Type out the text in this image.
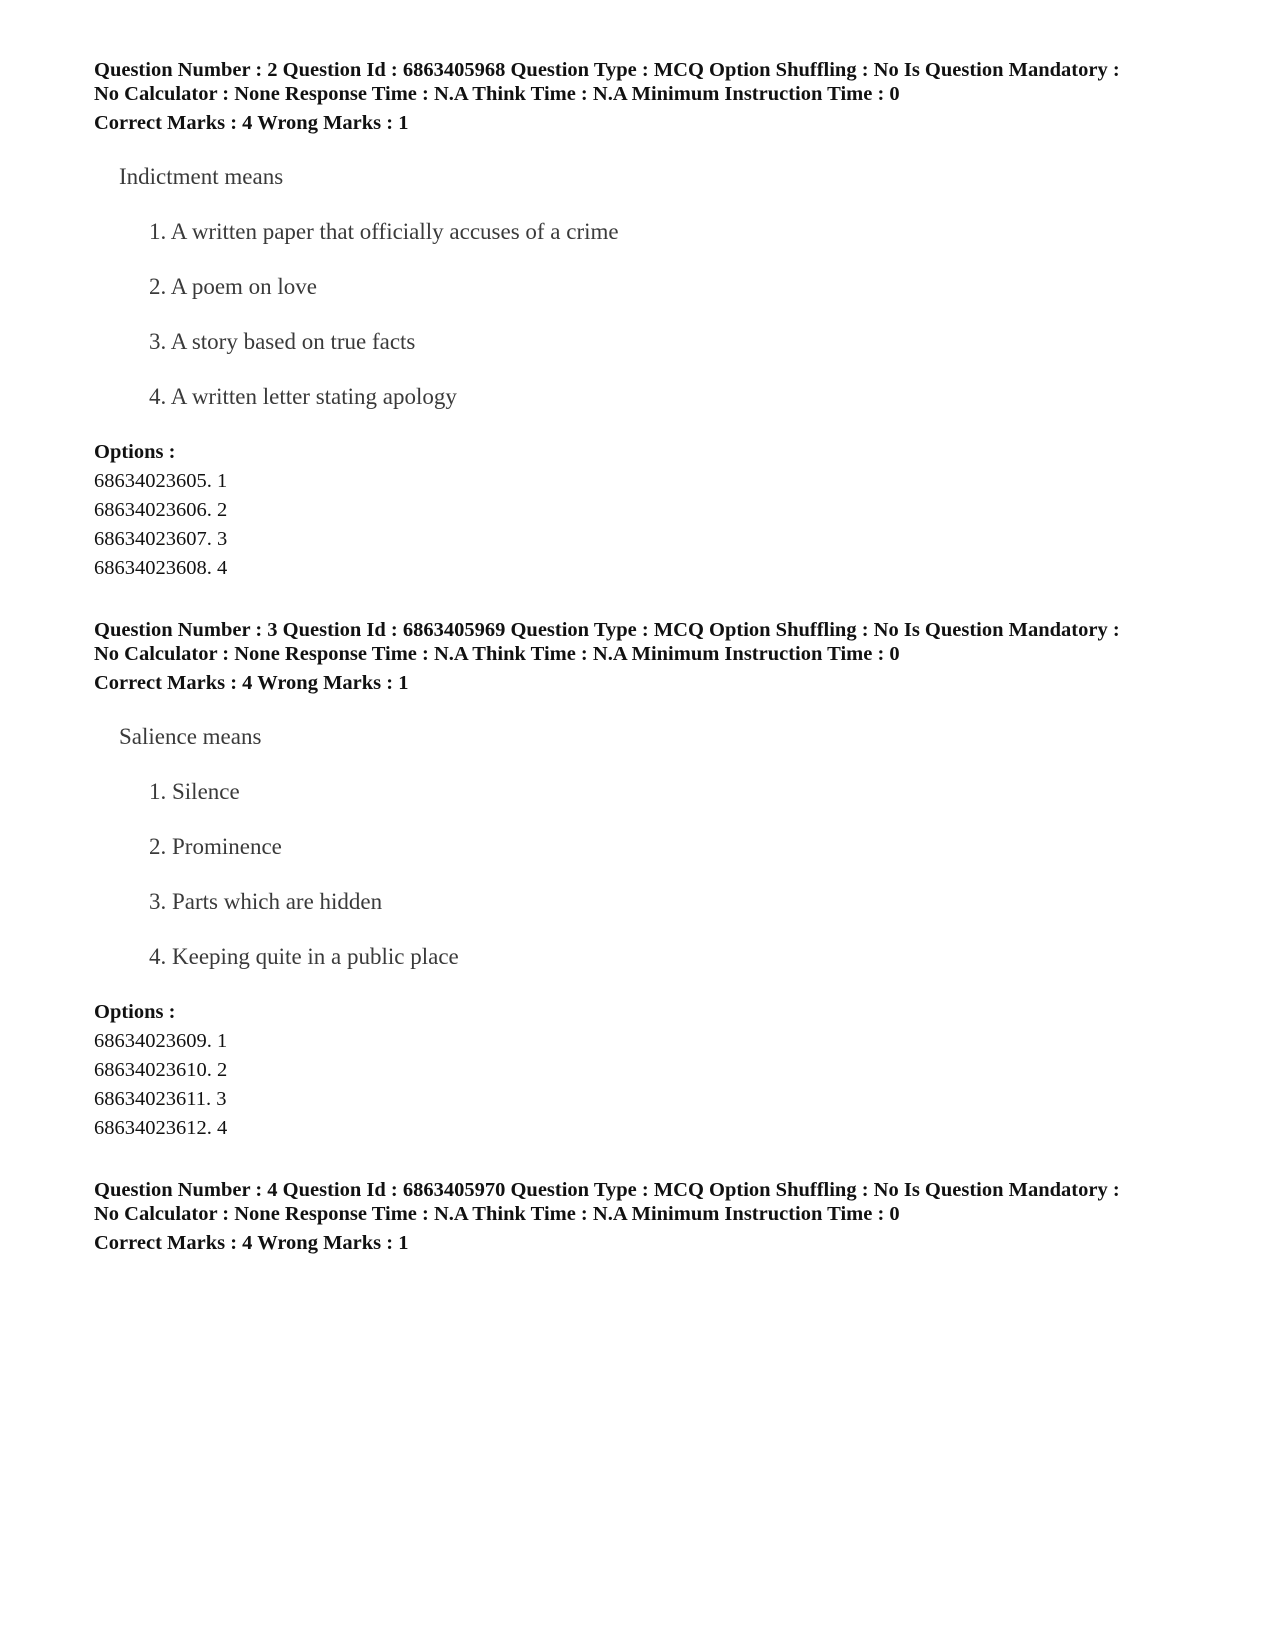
Question Number : 2 Question Id : 6863405968 Question Type : MCQ Option Shuffling : No Is Question Mandatory :
No Calculator : None Response Time : N.A Think Time : N.A Minimum Instruction Time : 0
Correct Marks : 4 Wrong Marks : 1
Indictment means
1. A written paper that officially accuses of a crime
2. A poem on love
3. A story based on true facts
4. A written letter stating apology
Options :
68634023605. 1
68634023606. 2
68634023607. 3
68634023608. 4
Question Number : 3 Question Id : 6863405969 Question Type : MCQ Option Shuffling : No Is Question Mandatory :
No Calculator : None Response Time : N.A Think Time : N.A Minimum Instruction Time : 0
Correct Marks : 4 Wrong Marks : 1
Salience means
1. Silence
2. Prominence
3. Parts which are hidden
4. Keeping quite in a public place
Options :
68634023609. 1
68634023610. 2
68634023611. 3
68634023612. 4
Question Number : 4 Question Id : 6863405970 Question Type : MCQ Option Shuffling : No Is Question Mandatory :
No Calculator : None Response Time : N.A Think Time : N.A Minimum Instruction Time : 0
Correct Marks : 4 Wrong Marks : 1
